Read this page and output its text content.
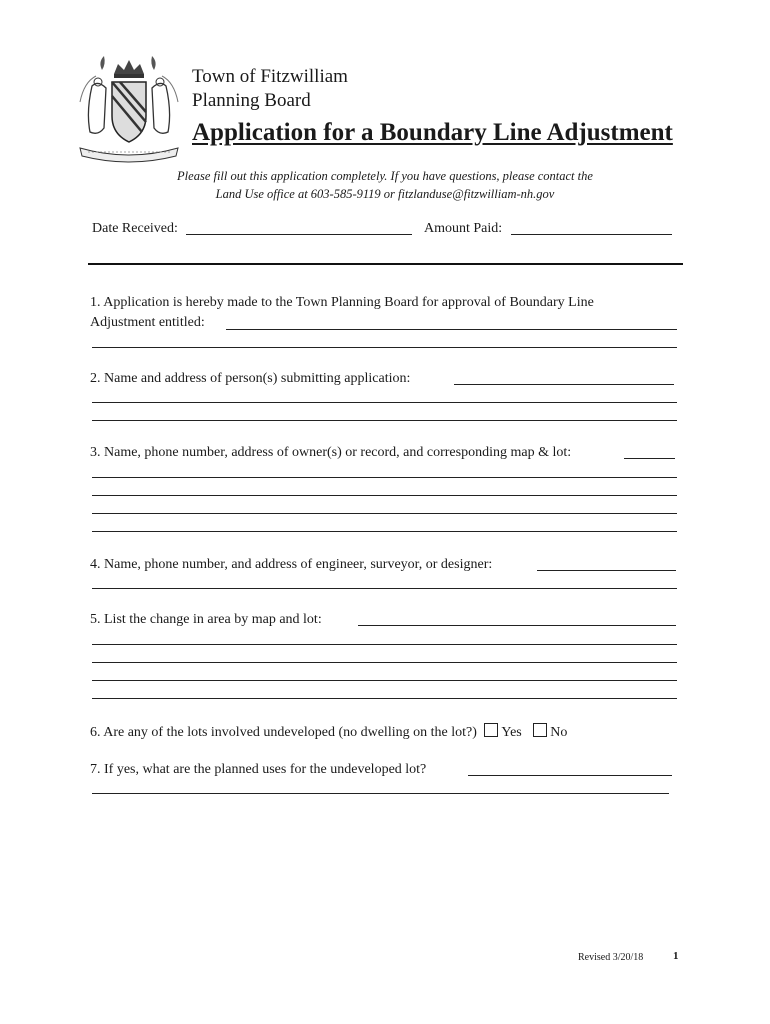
Town of Fitzwilliam
Planning Board
Application for a Boundary Line Adjustment
Please fill out this application completely. If you have questions, please contact the
Land Use office at 603-585-9119 or fitzlanduse@fitzwilliam-nh.gov
Date Received:	Amount Paid:
1. Application is hereby made to the Town Planning Board for approval of Boundary Line
Adjustment entitled:
2. Name and address of person(s) submitting application:
3. Name, phone number, address of owner(s) or record, and corresponding map & lot:
4. Name, phone number, and address of engineer, surveyor, or designer:
5. List the change in area by map and lot:
6. Are any of the lots involved undeveloped (no dwelling on the lot?) Yes No
7. If yes, what are the planned uses for the undeveloped lot?
Revised 3/20/18	1
